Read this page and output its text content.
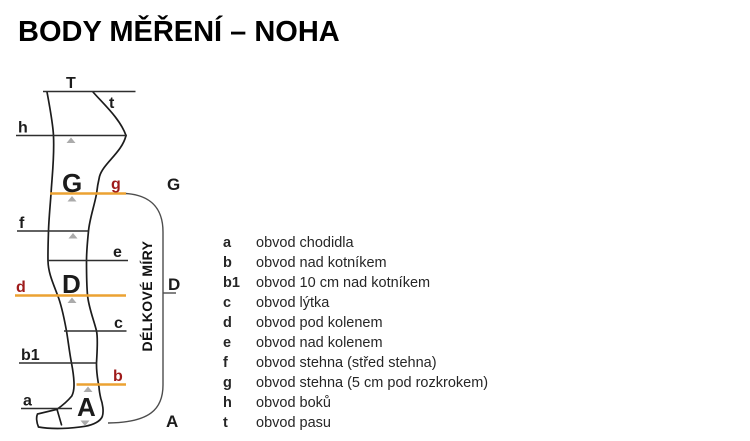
BODY MĚŘENÍ – NOHA
T
t
h
f
e
c
b1
a
g
d
b
G
D
A
G
D
A
DÉLKOVÉ MÍRY	a	obvod chodidla
b	obvod nad kotníkem
b1	obvod 10 cm nad kotníkem
c	obvod lýtka
d	obvod pod kolenem
e	obvod nad kolenem
f	obvod stehna (střed stehna)
g	obvod stehna (5 cm pod rozkrokem)
h	obvod boků
t	obvod pasu
